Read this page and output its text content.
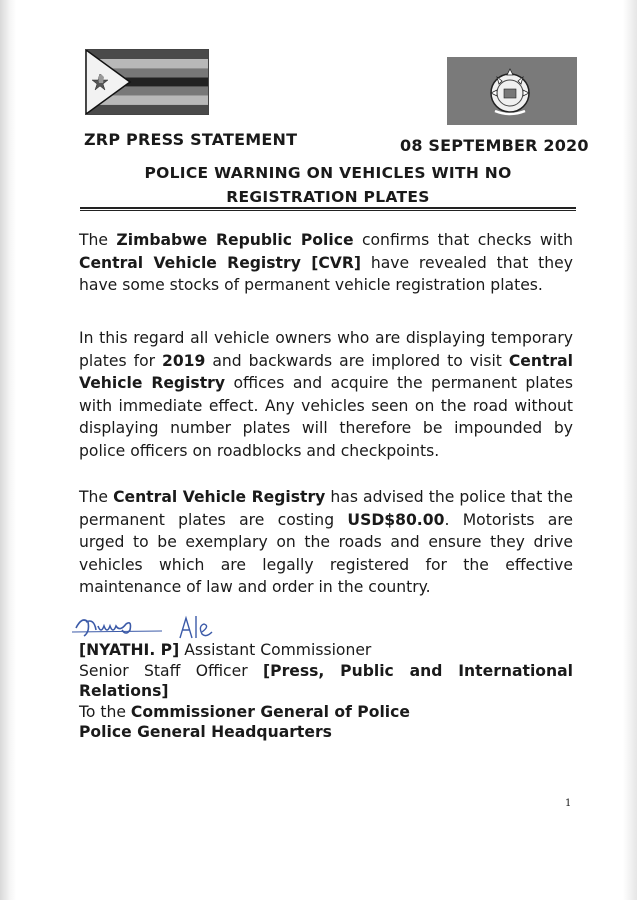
ZRP PRESS STATEMENT	08 SEPTEMBER 2020
POLICE WARNING ON VEHICLES WITH NO
REGISTRATION PLATES

The Zimbabwe Republic Police confirms that checks with Central Vehicle Registry [CVR] have revealed that they have some stocks of permanent vehicle registration plates.

In this regard all vehicle owners who are displaying temporary plates for 2019 and backwards are implored to visit Central Vehicle Registry offices and acquire the permanent plates with immediate effect. Any vehicles seen on the road without displaying number plates will therefore be impounded by police officers on roadblocks and checkpoints.

The Central Vehicle Registry has advised the police that the permanent plates are costing USD$80.00. Motorists are urged to be exemplary on the roads and ensure they drive vehicles which are legally registered for the effective maintenance of law and order in the country.

[NYATHI. P] Assistant Commissioner
Senior Staff Officer [Press, Public and International Relations]
To the Commissioner General of Police
Police General Headquarters
1
